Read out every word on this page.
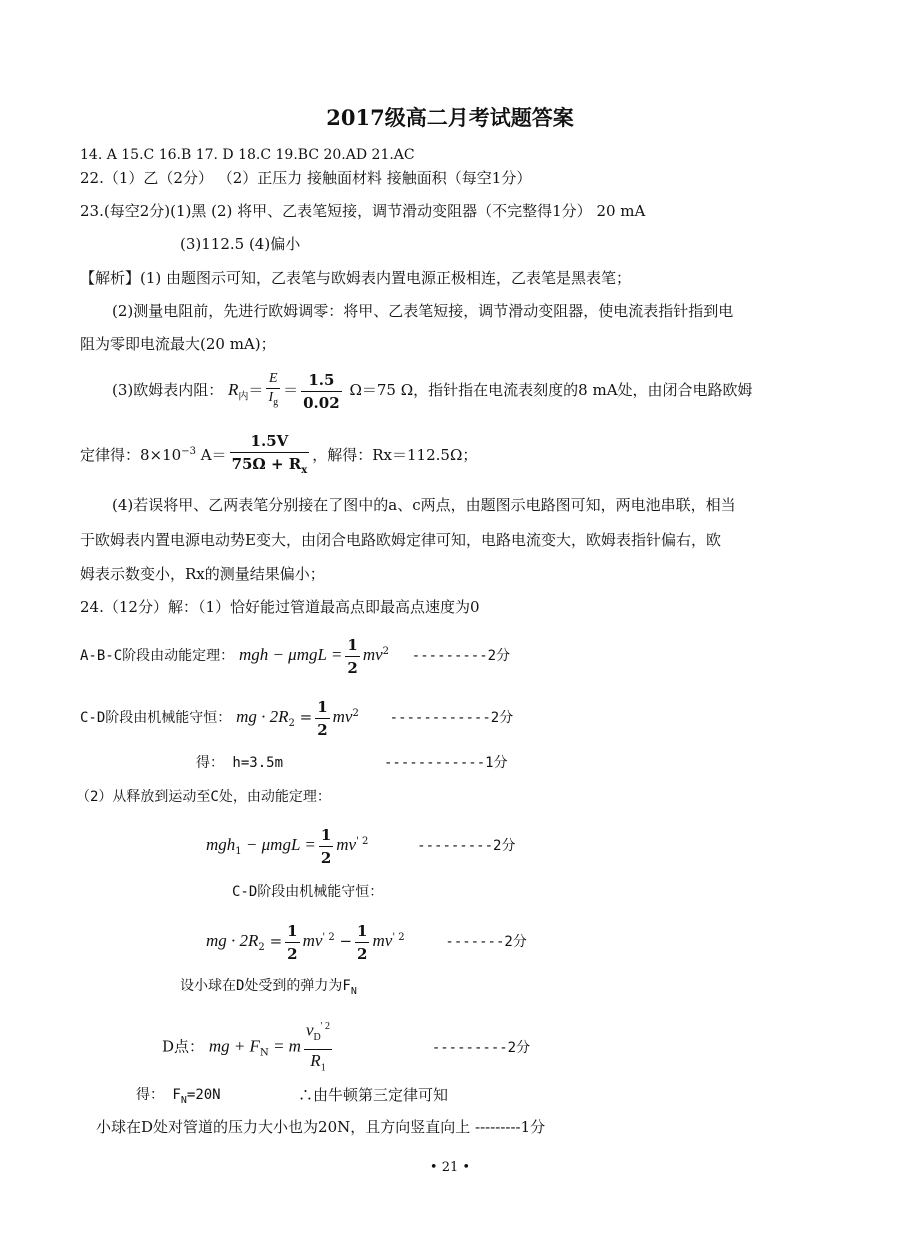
2017级高二月考试题答案
14. A 15.C 16.B 17. D 18.C 19.BC 20.AD 21.AC
22.（1）乙（2分） （2）正压力 接触面材料 接触面积（每空1分）
23.(每空2分)(1)黑 (2) 将甲、乙表笔短接，调节滑动变阻器（不完整得1分） 20 mA
(3)112.5 (4)偏小
【解析】(1) 由题图示可知，乙表笔与欧姆表内置电源正极相连，乙表笔是黑表笔；
(2)测量电阻前，先进行欧姆调零：将甲、乙表笔短接，调节滑动变阻器，使电流表指针指到电
阻为零即电流最大(20 mA)；
(3)欧姆表内阻： $R_内= \frac{E}{I_g} = \frac{1.5}{0.02} \Omega=75$ Ω，指针指在电流表刻度的8 mA处，由闭合电路欧姆
定律得：$8\times 10^{-3}$ $A= \frac{1.5V}{75\Omega + R_x}$ ，解得：Rx＝112.5Ω；
(4)若误将甲、乙两表笔分别接在了图中的a、c两点，由题图示电路图可知，两电池串联，相当
于欧姆表内置电源电动势E变大，由闭合电路欧姆定律可知，电路电流变大，欧姆表指针偏右，欧
姆表示数变小，Rx的测量结果偏小；
24.（12分）解：（1）恰好能过管道最高点即最高点速度为0
A-B-C阶段由动能定理： mgh − $\mu mgL = \frac{1}{2} mv^2$ ---------2分
C-D阶段由机械能守恒： mg · $2R_2 = \frac{1}{2} mv^2$ ------------2分
得： h=3.5m	------------1分
（2）从释放到运动至C处，由动能定理：
$mgh_1 - \mu mgL = \frac{1}{2} mv^{' 2}$	---------2分
C-D阶段由机械能守恒：
mg · $2R_2 = \frac{1}{2} mv^{' 2} - \frac{1}{2} mv^{' 2}$	-------2分
设小球在D处受到的弹力为$F_N$
D点： mg + $F_N = m \frac{v_D^{' 2}}{R_1}$	---------2分
得： $F_N=20N$	∴由牛顿第三定律可知
小球在D处对管道的压力大小也为20N，且方向竖直向上 ---------1分
• 21 •
